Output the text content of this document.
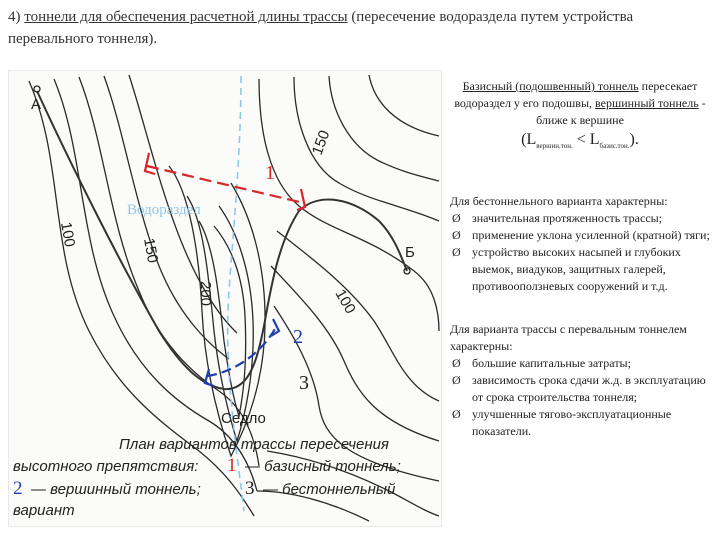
4) тоннели для обеспечения расчетной длины трассы (пересечение водораздела путем устройства перевального тоннеля).
А
Б
Водораздел
150
100
150
200	100
1
2
3
Седло
План вариантов трассы пересечения
высотного препятствия: 1 — базисный тоннель;
2 — вершинный тоннель; 3 — бестоннельный
вариант
Базисный (подошвенный) тоннель пересекает водораздел у его подошвы, вершинный тоннель - ближе к вершине
$(L_{вершин.тон.} < L_{базис.тон.})$.
Для бестоннельного варианта характерны:
Ø значительная протяженность трассы;
Ø применение уклона усиленной (кратной) тяги;
Ø устройство высоких насыпей и глубоких выемок, виадуков, защитных галерей, противооползневых сооружений и т.д.
Для варианта трассы с перевальным тоннелем характерны:
Ø большие капитальные затраты;
Ø зависимость срока сдачи ж.д. в эксплуатацию от срока строительства тоннеля;
Ø улучшенные тягово-эксплуатационные показатели.
